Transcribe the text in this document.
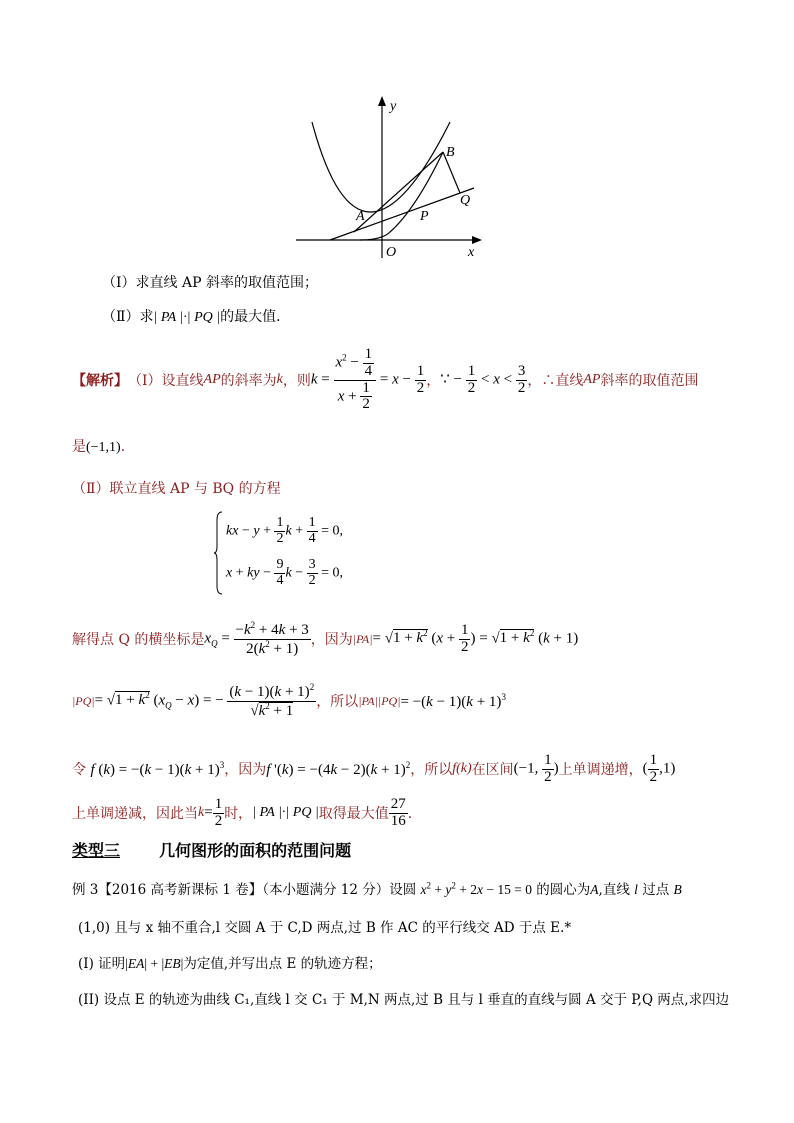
y
x
B
Q
A	P
O
（Ⅰ）求直线 AP 斜率的取值范围；
（Ⅱ）求| PA |·| PQ |的最大值．
【解析】 （Ⅰ）设直线 AP 的斜率为 k ，则 $k = \frac{x^2 - \frac{1}{4}}{x + \frac{1}{2}} = x - \frac{1}{2}$ ， ∵ − $\frac{1}{2} < x < \frac{3}{2}$ ，∴直线 AP 斜率的取值范围
是(−1,1)．
（Ⅱ）联立直线 AP 与 BQ 的方程
kx − $y + \frac{1}{2}$ $k + \frac{1}{4} = 0$,
x + ky − $\frac{9}{4}$ $k - \frac{3}{2} = 0$,
解得点 Q 的横坐标是 $x_Q = \frac{-k^2 + 4k + 3}{2(k^2 + 1)}$ ，因为 $|PA| = √1 + k^2$ ($x + \frac{1}{2}$ ) = $√1 + k^2$ (k + 1)
$|PQ| = √1 + k^2$ $(x_Q - x)$ = − $\frac{(k - 1)(k + 1)^2}{√k^2 + 1}$ ，所以 $|PA||PQ| = -(k - 1)(k + 1)^3$
令
f $(k) = -(k - 1)(k + 1)^3$ ，因为 f '$(k) = -(4k - 2)(k + 1)^2$ ，所以 f(k) 在区间 (−1, $\frac{1}{2}$ ) 上单调递增， ( $\frac{1}{2} ,1$)
上单调递减，因此当 $k = \frac{1}{2}$ 时， | PA |·| PQ | 取得最大值 $\frac{27}{16}$ ．
类型三 几何图形的面积的范围问题
例 3【2016 高考新课标 1 卷】（本小题满分 12 分）设圆 $x^2 + y^2 + 2x - 15 = 0$ 的圆心为A,直线 l 过点 B
(1,0) 且与 x 轴不重合,l 交圆 A 于 C,D 两点,过 B 作 AC 的平行线交 AD 于点 E.*
(I) 证明|EA| + |EB|为定值,并写出点 E 的轨迹方程；
(II) 设点 E 的轨迹为曲线 C₁,直线 l 交 C₁ 于 M,N 两点,过 B 且与 l 垂直的直线与圆 A 交于 P,Q 两点,求四边
